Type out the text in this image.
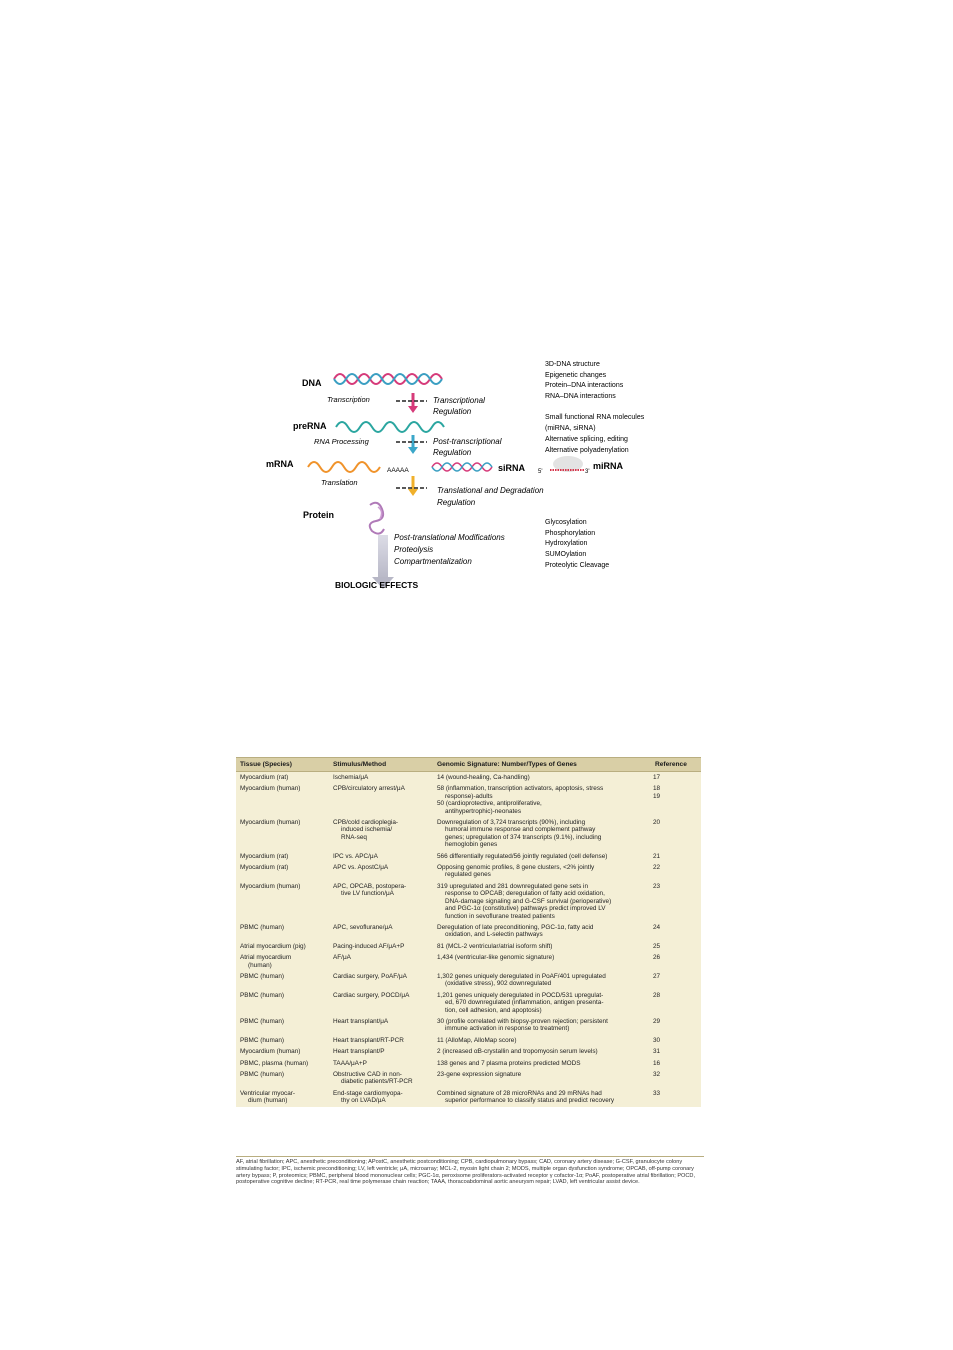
DNA
Transcription	Transcriptional
Regulation
preRNA
RNA Processing	Post-transcriptional
Regulation
mRNA
AAAAA	siRNA
Translation
Translational and Degradation
Regulation
Protein
Post-translational Modifications
Proteolysis
Compartmentalization
BIOLOGIC EFFECTS
3D-DNA structure
Epigenetic changes
Protein–DNA interactions
RNA–DNA interactions
Small functional RNA molecules
(miRNA, siRNA)
Alternative splicing, editing
Alternative polyadenylation
5'	3'
miRNA
Glycosylation
Phosphorylation
Hydroxylation
SUMOylation
Proteolytic Cleavage
Tissue (Species)	Stimulus/Method	Genomic Signature: Number/Types of Genes	Reference

Myocardium (rat)	Ischemia/μA	14 (wound-healing, Ca-handling)	17

Myocardium (human)	CPB/circulatory arrest/μA	58 (inflammation, transcription activators, apoptosis, stress
response)-adults
50 (cardioprotective, antiproliferative,
antihypertrophic)-neonates	18
19

Myocardium (human)	CPB/cold cardioplegia-
induced ischemia/
RNA-seq	Downregulation of 3,724 transcripts (90%), including
humoral immune response and complement pathway
genes; upregulation of 374 transcripts (9.1%), including
hemoglobin genes	20

Myocardium (rat)	IPC vs. APC/μA	566 differentially regulated/56 jointly regulated (cell defense)	21

Myocardium (rat)	APC vs. ApostC/μA	Opposing genomic profiles, 8 gene clusters, <2% jointly
regulated genes	22

Myocardium (human)	APC, OPCAB, postopera-
tive LV function/μA	319 upregulated and 281 downregulated gene sets in
response to OPCAB; deregulation of fatty acid oxidation,
DNA-damage signaling and G-CSF survival (perioperative)
and PGC-1α (constitutive) pathways predict improved LV
function in sevoflurane treated patients	23

PBMC (human)	APC, sevoflurane/μA	Deregulation of late preconditioning, PGC-1α, fatty acid
oxidation, and L-selectin pathways	24

Atrial myocardium (pig)	Pacing-induced AF/μA+P	81 (MCL-2 ventricular/atrial isoform shift)	25

Atrial myocardium
(human)	AF/μA	1,434 (ventricular-like genomic signature)	26

PBMC (human)	Cardiac surgery, PoAF/μA	1,302 genes uniquely deregulated in PoAF/401 upregulated
(oxidative stress), 902 downregulated	27

PBMC (human)	Cardiac surgery, POCD/μA	1,201 genes uniquely deregulated in POCD/531 upregulat-
ed, 670 downregulated (inflammation, antigen presenta-
tion, cell adhesion, and apoptosis)	28

PBMC (human)	Heart transplant/μA	30 (profile correlated with biopsy-proven rejection; persistent
immune activation in response to treatment)	29

PBMC (human)	Heart transplant/RT-PCR	11 (AlloMap, AlloMap score)	30

Myocardium (human)	Heart transplant/P	2 (increased αB-crystallin and tropomyosin serum levels)	31

PBMC, plasma (human)	TAAA/μA+P	138 genes and 7 plasma proteins predicted MODS	16

PBMC (human)	Obstructive CAD in non-
diabetic patients/RT-PCR	23-gene expression signature	32

Ventricular myocar-
dium (human)	End-stage cardiomyopa-
thy on LVAD/μA	Combined signature of 28 microRNAs and 29 mRNAs had
superior performance to classify status and predict recovery	33
AF, atrial fibrillation; APC, anesthetic preconditioning; APostC, anesthetic postconditioning; CPB, cardiopulmonary bypass; CAD, coronary artery disease; G-CSF, granulocyte colony stimulating factor; IPC, ischemic preconditioning; LV, left ventricle; μA, microarray; MCL-2, myosin light chain 2; MODS, multiple organ dysfunction syndrome; OPCAB, off-pump coronary artery bypass; P, proteomics; PBMC, peripheral blood mononuclear cells; PGC-1α, peroxisome proliferators-activated receptor γ cofactor-1α; PoAF, postoperative atrial fibrillation; POCD, postoperative cognitive decline; RT-PCR, real time polymerase chain reaction; TAAA, thoracoabdominal aortic aneurysm repair; LVAD, left ventricular assist device.
